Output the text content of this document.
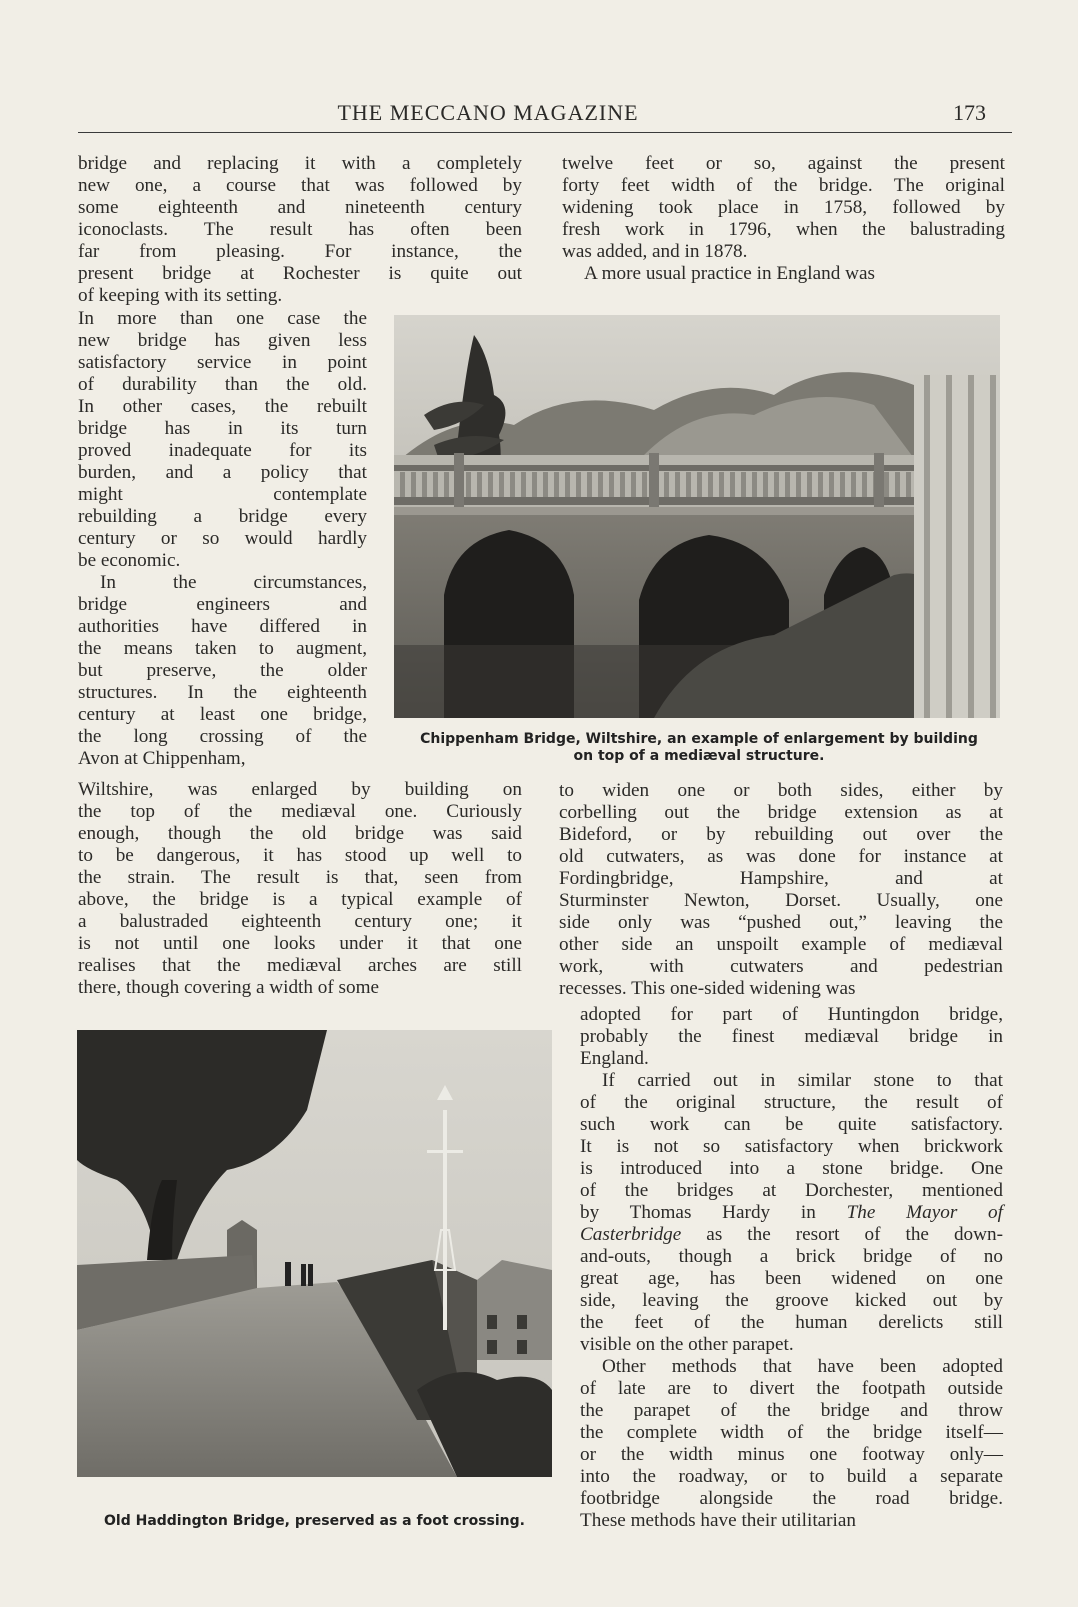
THE MECCANO MAGAZINE	173
bridge and replacing it with a completely
new one, a course that was followed by
some eighteenth and nineteenth century
iconoclasts. The result has often been
far from pleasing. For instance, the
present bridge at Rochester is quite out
of keeping with its setting.
In more than one case the
new bridge has given less
satisfactory service in point
of durability than the old.
In other cases, the rebuilt
bridge has in its turn
proved inadequate for its
burden, and a policy that
might contemplate
rebuilding a bridge every
century or so would hardly
be economic.
In the circumstances,
bridge engineers and
authorities have differed in
the means taken to augment,
but preserve, the older
structures. In the eighteenth
century at least one bridge,
the long crossing of the
Avon at Chippenham,
Wiltshire, was enlarged by building on
the top of the mediæval one. Curiously
enough, though the old bridge was said
to be dangerous, it has stood up well to
the strain. The result is that, seen from
above, the bridge is a typical example of
a balustraded eighteenth century one; it
is not until one looks under it that one
realises that the mediæval arches are still
there, though covering a width of some
twelve feet or so, against the present
forty feet width of the bridge. The original
widening took place in 1758, followed by
fresh work in 1796, when the balustrading
was added, and in 1878.
A more usual practice in England was
to widen one or both sides, either by
corbelling out the bridge extension as at
Bideford, or by rebuilding out over the
old cutwaters, as was done for instance at
Fordingbridge, Hampshire, and at
Sturminster Newton, Dorset. Usually, one
side only was “pushed out,” leaving the
other side an unspoilt example of mediæval
work, with cutwaters and pedestrian
recesses. This one-sided widening was
adopted for part of Huntingdon bridge,
probably the finest mediæval bridge in
England.
If carried out in similar stone to that
of the original structure, the result of
such work can be quite satisfactory.
It is not so satisfactory when brickwork
is introduced into a stone bridge. One
of the bridges at Dorchester, mentioned
by Thomas Hardy in The Mayor of
Casterbridge as the resort of the down-
and-outs, though a brick bridge of no
great age, has been widened on one
side, leaving the groove kicked out by
the feet of the human derelicts still
visible on the other parapet.
Other methods that have been adopted
of late are to divert the footpath outside
the parapet of the bridge and throw
the complete width of the bridge itself—
or the width minus one footway only—
into the roadway, or to build a separate
footbridge alongside the road bridge.
These methods have their utilitarian
Chippenham Bridge, Wiltshire, an example of enlargement by building
on top of a mediæval structure.
Old Haddington Bridge, preserved as a foot crossing.
